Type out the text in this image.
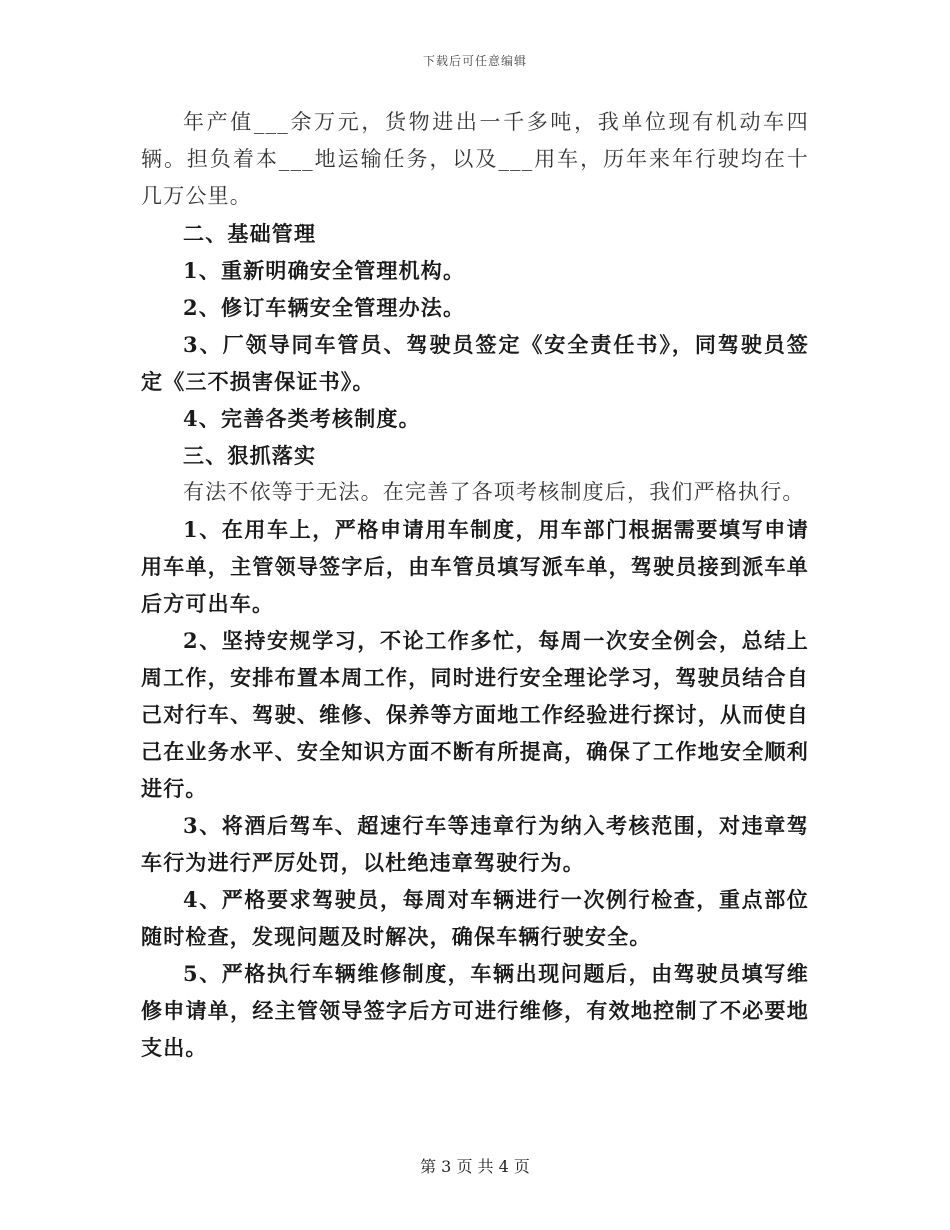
下载后可任意编辑

年产值___余万元，货物进出一千多吨，我单位现有机动车四辆。担负着本___地运输任务，以及___用车，历年来年行驶均在十几万公里。

二、基础管理

1、重新明确安全管理机构。

2、修订车辆安全管理办法。

3、厂领导同车管员、驾驶员签定《安全责任书》，同驾驶员签定《三不损害保证书》。

4、完善各类考核制度。

三、狠抓落实

有法不依等于无法。在完善了各项考核制度后，我们严格执行。

1、在用车上，严格申请用车制度，用车部门根据需要填写申请用车单，主管领导签字后，由车管员填写派车单，驾驶员接到派车单后方可出车。

2、坚持安规学习，不论工作多忙，每周一次安全例会，总结上周工作，安排布置本周工作，同时进行安全理论学习，驾驶员结合自己对行车、驾驶、维修、保养等方面地工作经验进行探讨，从而使自己在业务水平、安全知识方面不断有所提高，确保了工作地安全顺利进行。

3、将酒后驾车、超速行车等违章行为纳入考核范围，对违章驾车行为进行严厉处罚，以杜绝违章驾驶行为。

4、严格要求驾驶员，每周对车辆进行一次例行检查，重点部位随时检查，发现问题及时解决，确保车辆行驶安全。

5、严格执行车辆维修制度，车辆出现问题后，由驾驶员填写维修申请单，经主管领导签字后方可进行维修，有效地控制了不必要地支出。

第 3 页 共 4 页
